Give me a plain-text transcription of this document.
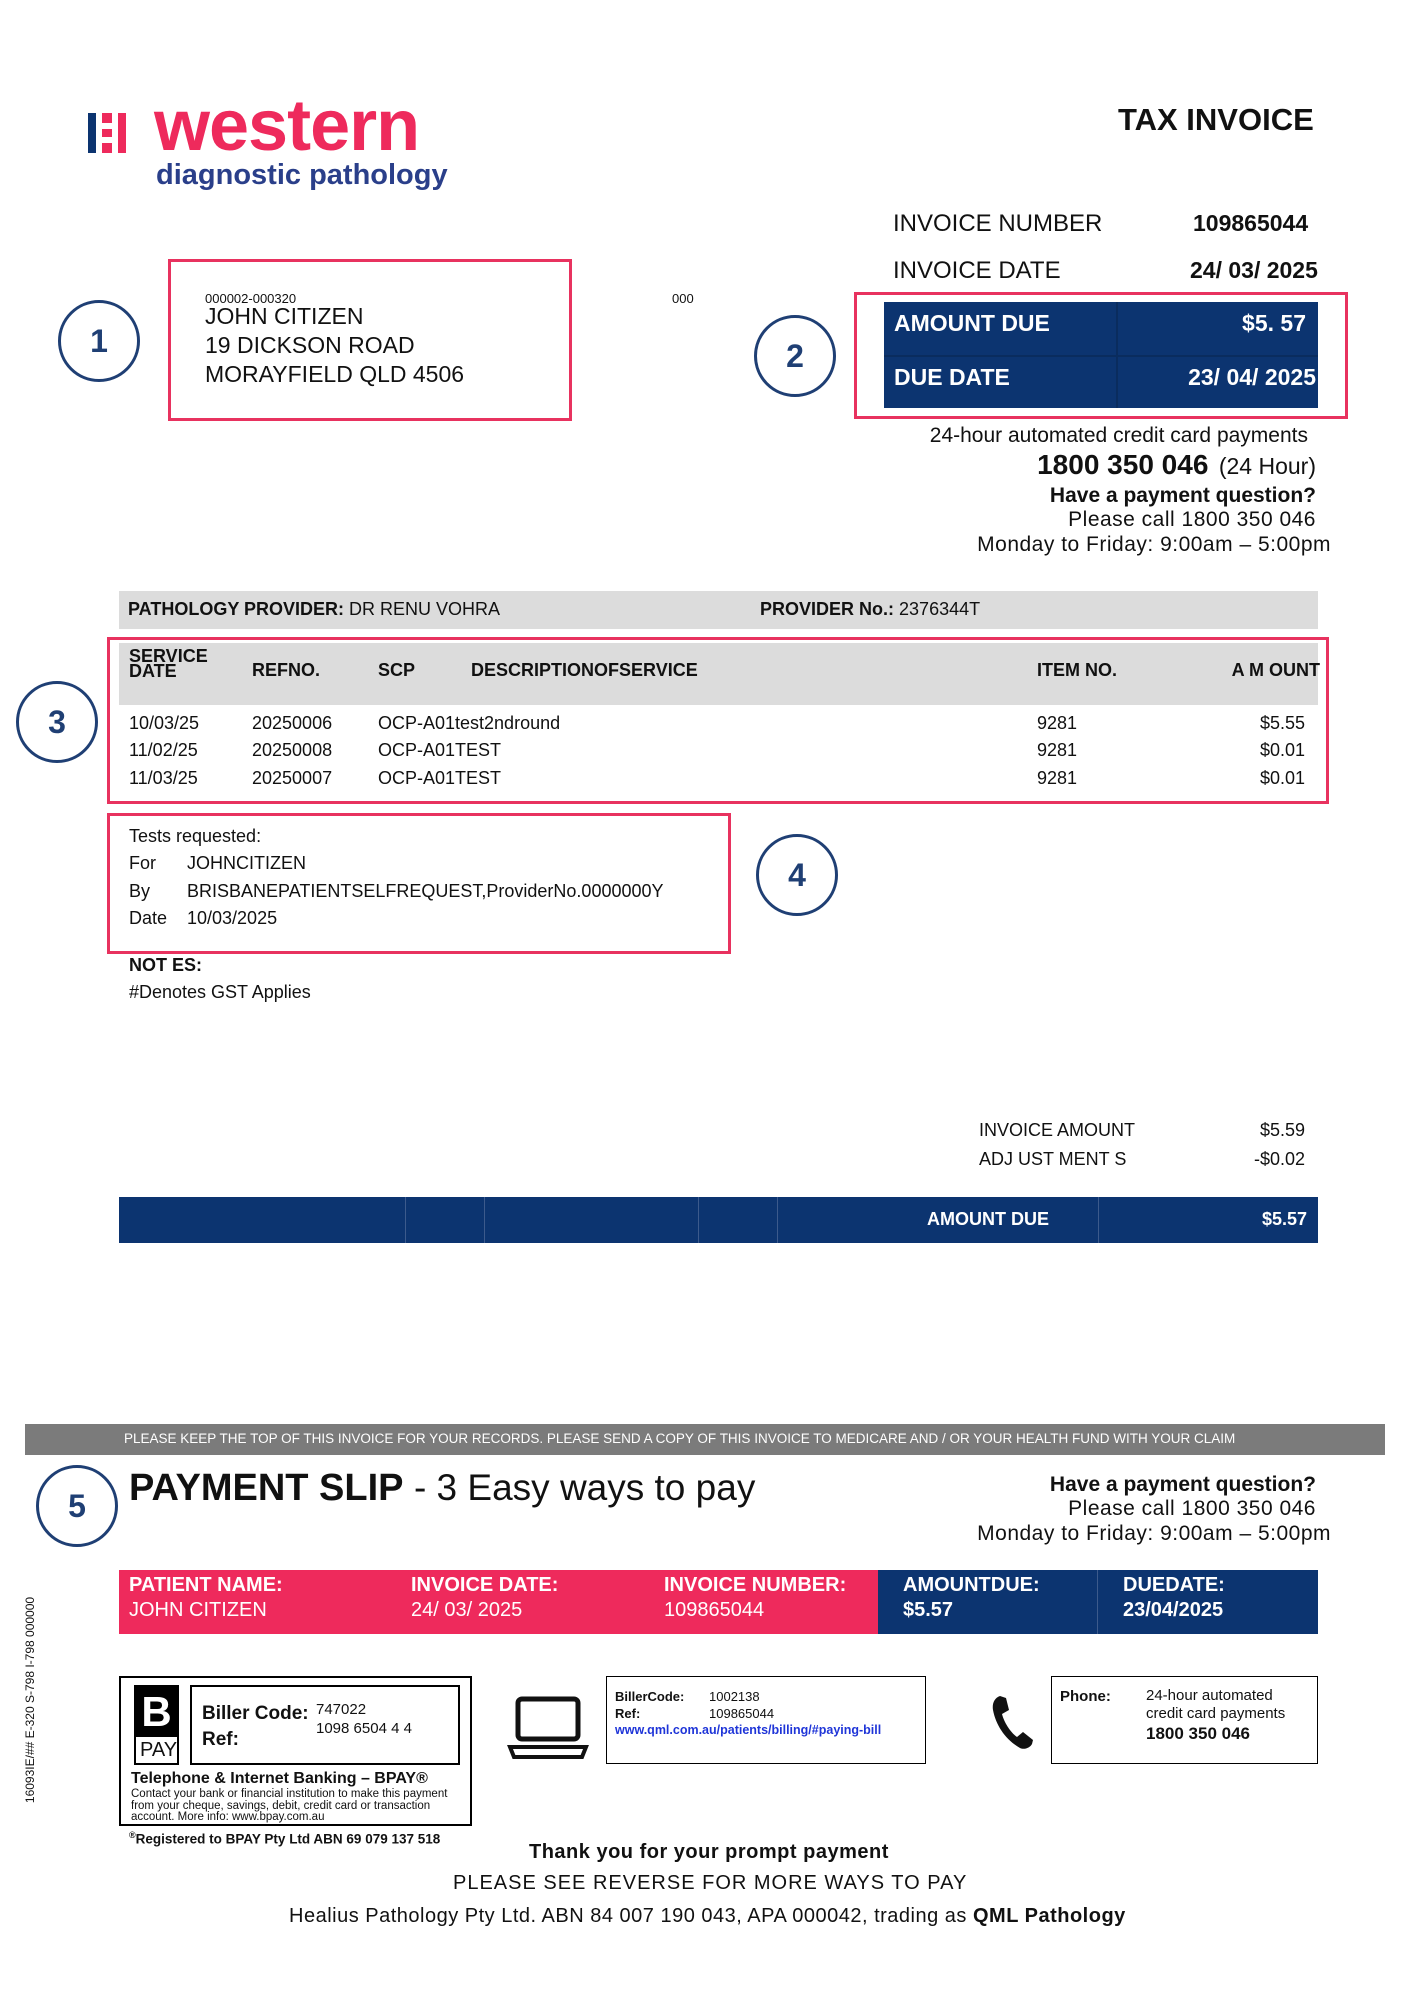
western
diagnostic pathology
TAX INVOICE
INVOICE NUMBER	109865044
INVOICE DATE	24/ 03/ 2025
AMOUNT DUE	$5. 57
DUE DATE	23/ 04/ 2025
000002-000320
JOHN CITIZEN
19 DICKSON ROAD
MORAYFIELD QLD 4506
000
24-hour automated credit card payments
1800 350 046 (24 Hour)
Have a payment question?
Please call 1800 350 046
Monday to Friday: 9:00am – 5:00pm
PATHOLOGY PROVIDER: DR RENU VOHRA	PROVIDER No.: 2376344T
SERVICE
DATE	REFNO.	SCP	DESCRIPTIONOFSERVICE	ITEM NO.	A M OUNT
10/03/25	20250006	OCP-A01test2ndround	9281	$5.55
11/02/25	20250008	OCP-A01TEST	9281	$0.01
11/03/25	20250007	OCP-A01TEST	9281	$0.01
Tests requested:
For JOHNCITIZEN
By BRISBANEPATIENTSELFREQUEST,ProviderNo.0000000Y
Date 10/03/2025
NOT ES:
#Denotes GST Applies
INVOICE AMOUNT	$5.59
ADJ UST MENT S	-$0.02
AMOUNT DUE	$5.57
PLEASE KEEP THE TOP OF THIS INVOICE FOR YOUR RECORDS. PLEASE SEND A COPY OF THIS INVOICE TO MEDICARE AND / OR YOUR HEALTH FUND WITH YOUR CLAIM
PAYMENT SLIP - 3 Easy ways to pay	Have a payment question?
Please call 1800 350 046
Monday to Friday: 9:00am – 5:00pm
PATIENT NAME:
JOHN CITIZEN
INVOICE DATE:
24/ 03/ 2025
INVOICE NUMBER:
109865044
AMOUNTDUE:
$5.57
DUEDATE:
23/04/2025
B
PAY
Biller Code: 747022
Ref:
1098 6504 4 4
Telephone & Internet Banking – BPAY®
Contact your bank or financial institution to make this payment from your cheque, savings, debit, credit card or transaction account. More info: www.bpay.com.au
®Registered to BPAY Pty Ltd ABN 69 079 137 518
BillerCode: 1002138
Ref:	109865044
www.qml.com.au/patients/billing/#paying-bill
Phone: 24-hour automated
credit card payments
1800 350 046
Thank you for your prompt payment
PLEASE SEE REVERSE FOR MORE WAYS TO PAY
Healius Pathology Pty Ltd. ABN 84 007 190 043, APA 000042, trading as QML Pathology
16093IE/## E-320 S-798 I-798 000000
1	2
3
4
5
